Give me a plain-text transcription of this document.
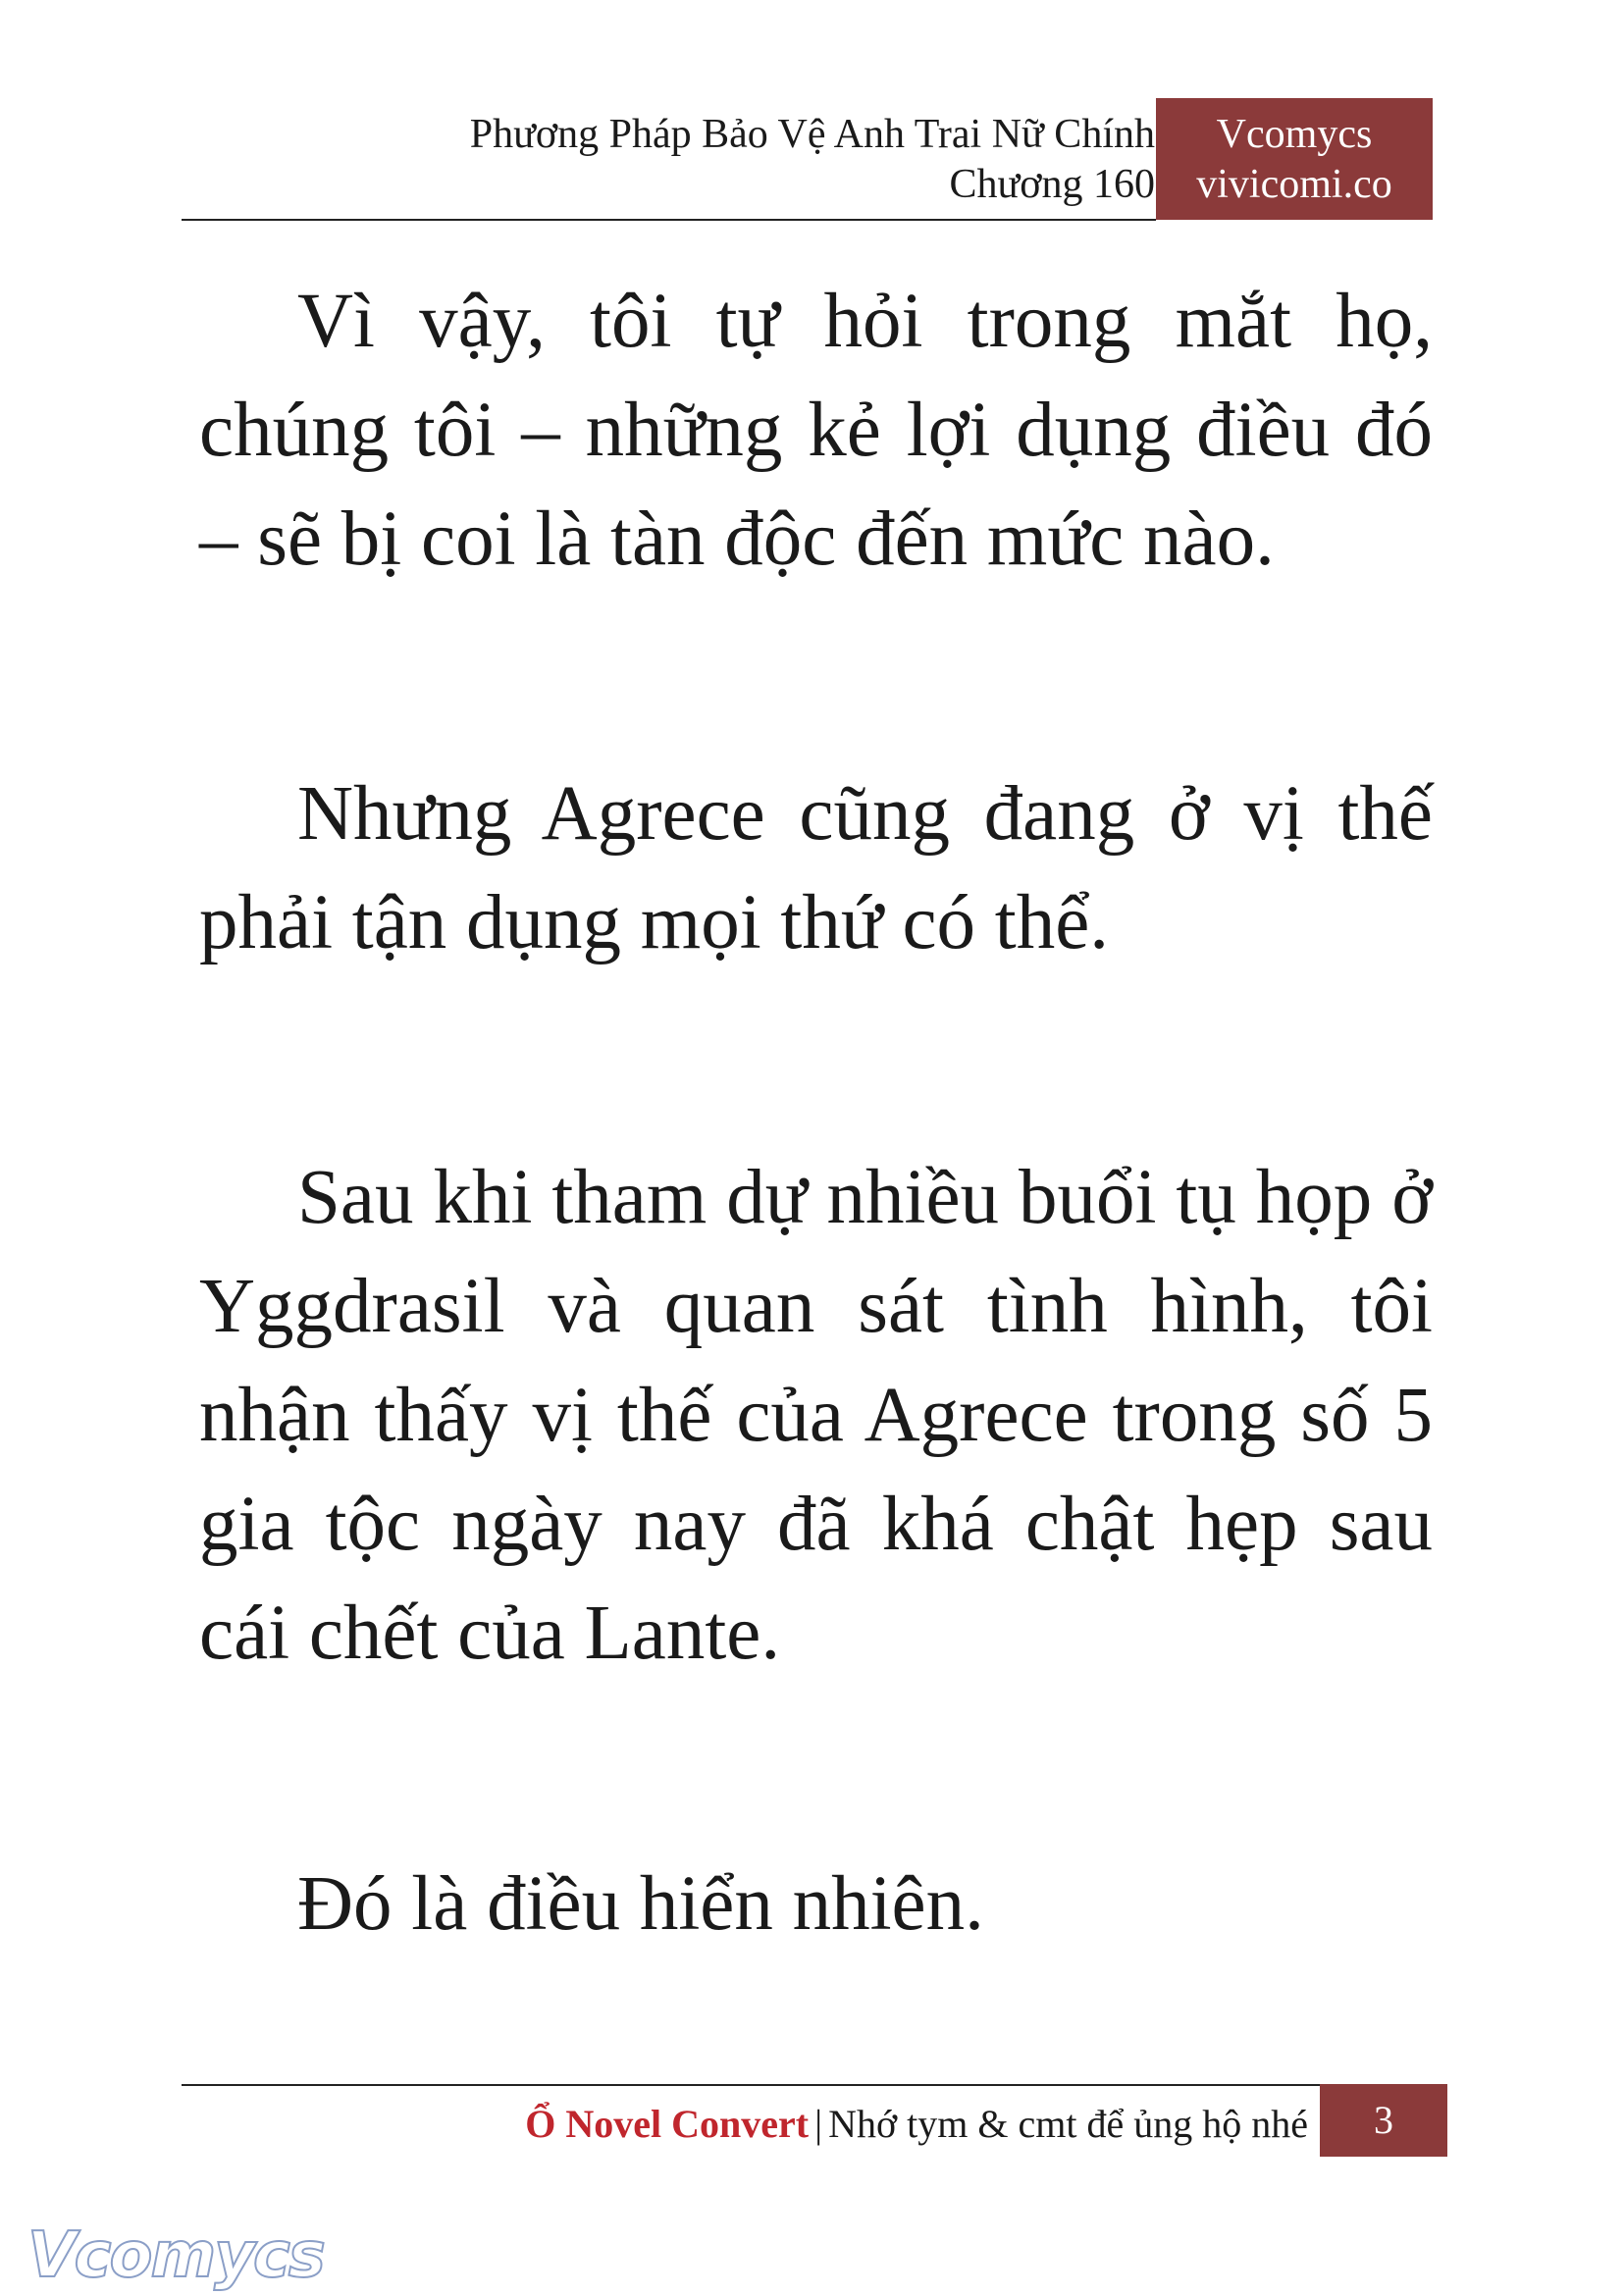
Phương Pháp Bảo Vệ Anh Trai Nữ Chính
Chương 160
Vcomycs
vivicomi.co

Vì vậy, tôi tự hỏi trong mắt họ, chúng tôi – những kẻ lợi dụng điều đó – sẽ bị coi là tàn độc đến mức nào.

Nhưng Agrece cũng đang ở vị thế phải tận dụng mọi thứ có thể.

Sau khi tham dự nhiều buổi tụ họp ở Yggdrasil và quan sát tình hình, tôi nhận thấy vị thế của Agrece trong số 5 gia tộc ngày nay đã khá chật hẹp sau cái chết của Lante.

Đó là điều hiển nhiên.

Ổ Novel Convert | Nhớ tym & cmt để ủng hộ nhé	3
Vcomycs
